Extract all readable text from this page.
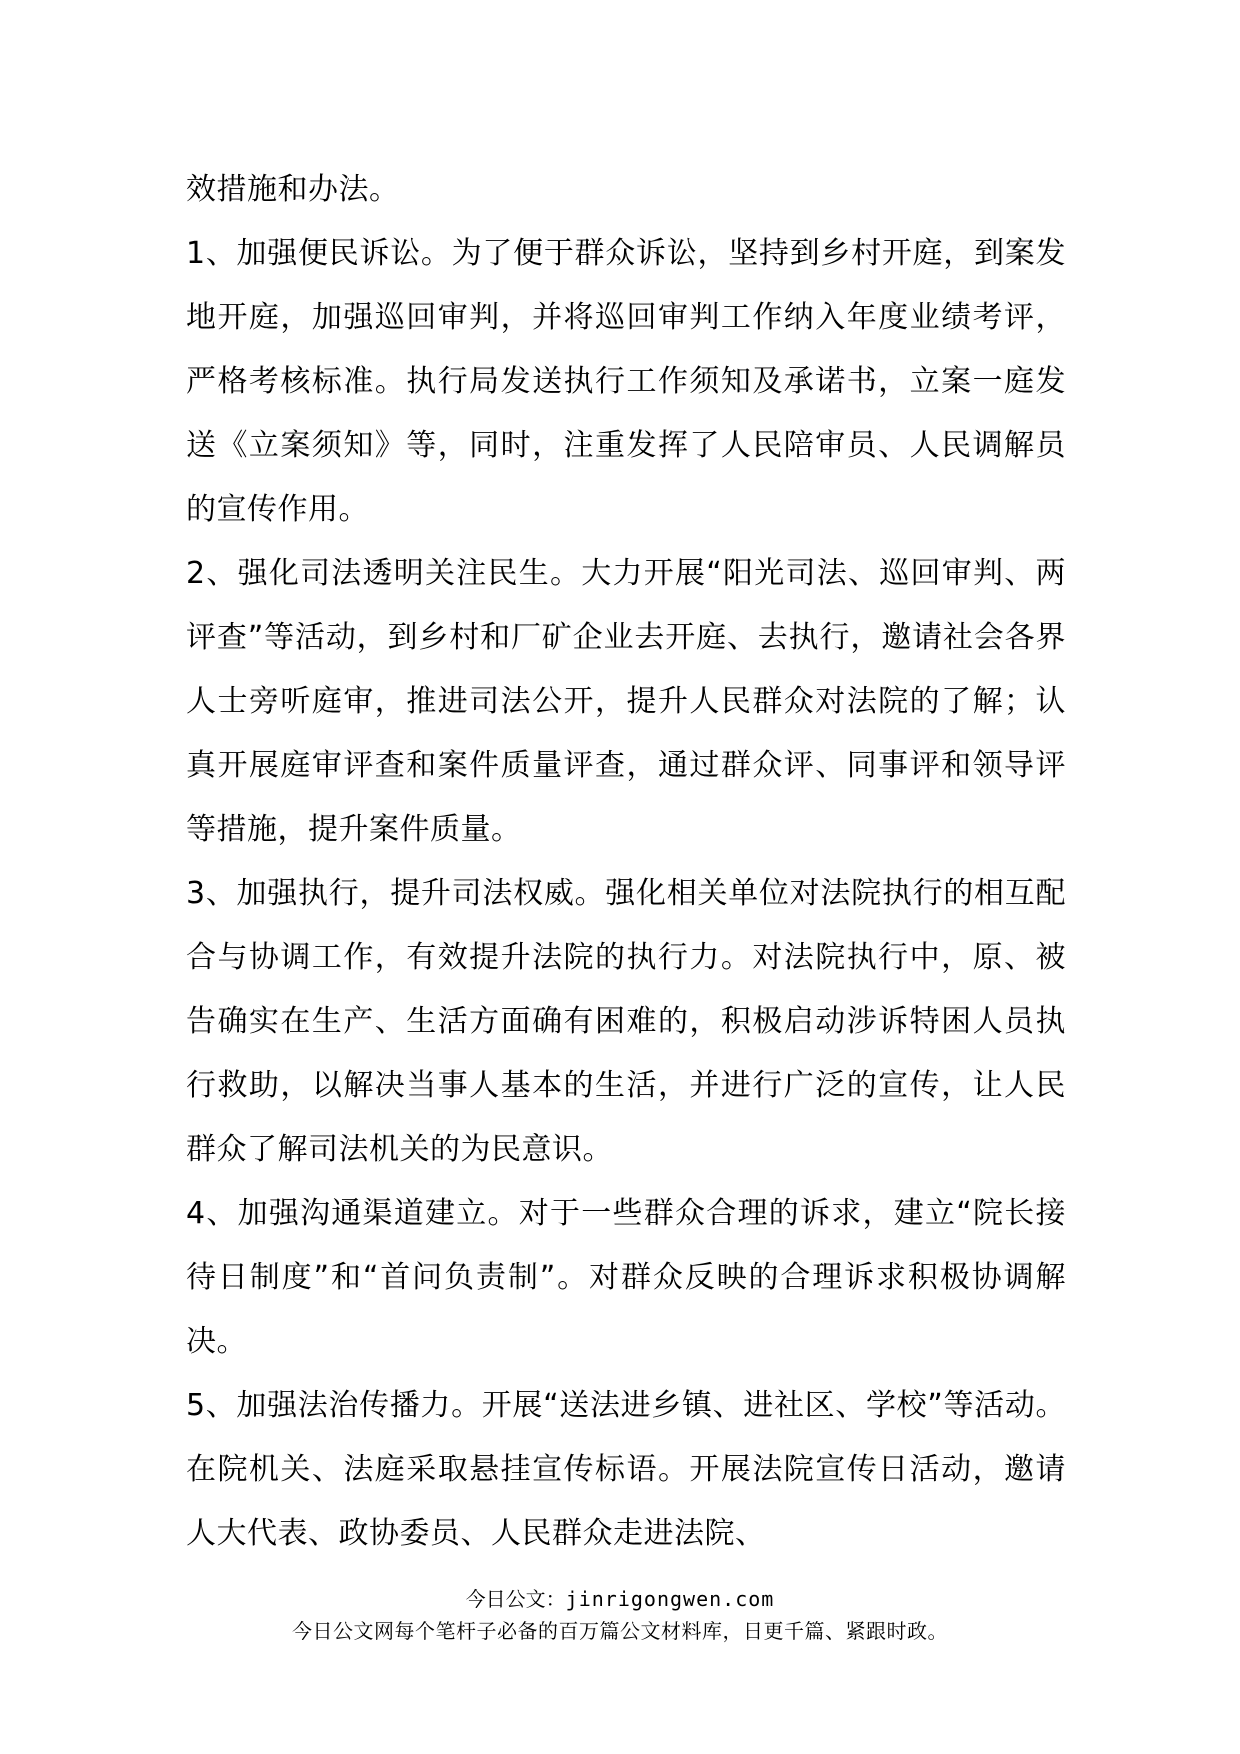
效措施和办法。

1、加强便民诉讼。为了便于群众诉讼，坚持到乡村开庭，到案发地开庭，加强巡回审判，并将巡回审判工作纳入年度业绩考评，严格考核标准。执行局发送执行工作须知及承诺书，立案一庭发送《立案须知》等，同时，注重发挥了人民陪审员、人民调解员的宣传作用。

2、强化司法透明关注民生。大力开展“阳光司法、巡回审判、两评查”等活动，到乡村和厂矿企业去开庭、去执行，邀请社会各界人士旁听庭审，推进司法公开，提升人民群众对法院的了解；认真开展庭审评查和案件质量评查，通过群众评、同事评和领导评等措施，提升案件质量。

3、加强执行，提升司法权威。强化相关单位对法院执行的相互配合与协调工作，有效提升法院的执行力。对法院执行中，原、被告确实在生产、生活方面确有困难的，积极启动涉诉特困人员执行救助，以解决当事人基本的生活，并进行广泛的宣传，让人民群众了解司法机关的为民意识。

4、加强沟通渠道建立。对于一些群众合理的诉求，建立“院长接待日制度”和“首问负责制”。对群众反映的合理诉求积极协调解决。

5、加强法治传播力。开展“送法进乡镇、进社区、学校”等活动。在院机关、法庭采取悬挂宣传标语。开展法院宣传日活动，邀请人大代表、政协委员、人民群众走进法院、

今日公文：jinrigongwen.com
今日公文网每个笔杆子必备的百万篇公文材料库，日更千篇、紧跟时政。
